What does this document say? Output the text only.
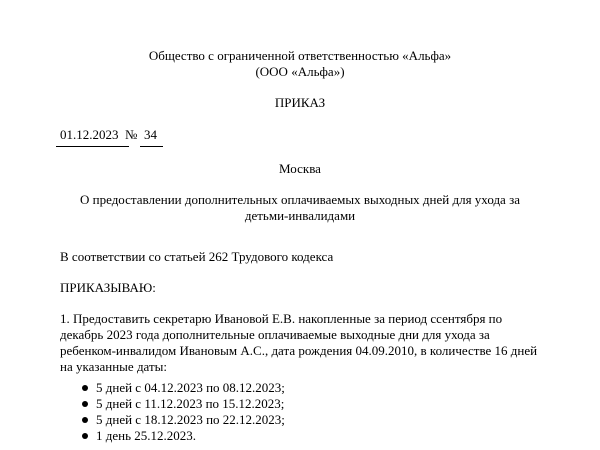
Общество с ограниченной ответственностью «Альфа»
(ООО «Альфа»)
ПРИКАЗ
01.12.2023 № 34
Москва
О предоставлении дополнительных оплачиваемых выходных дней для ухода за
детьми-инвалидами
В соответствии со статьей 262 Трудового кодекса
ПРИКАЗЫВАЮ:
1. Предоставить секретарю Ивановой Е.В. накопленные за период ссентября по
декабрь 2023 года дополнительные оплачиваемые выходные дни для ухода за
ребенком-инвалидом Ивановым А.С., дата рождения 04.09.2010, в количестве 16 дней
на указанные даты:
5 дней с 04.12.2023 по 08.12.2023;
5 дней с 11.12.2023 по 15.12.2023;
5 дней с 18.12.2023 по 22.12.2023;
1 день 25.12.2023.
